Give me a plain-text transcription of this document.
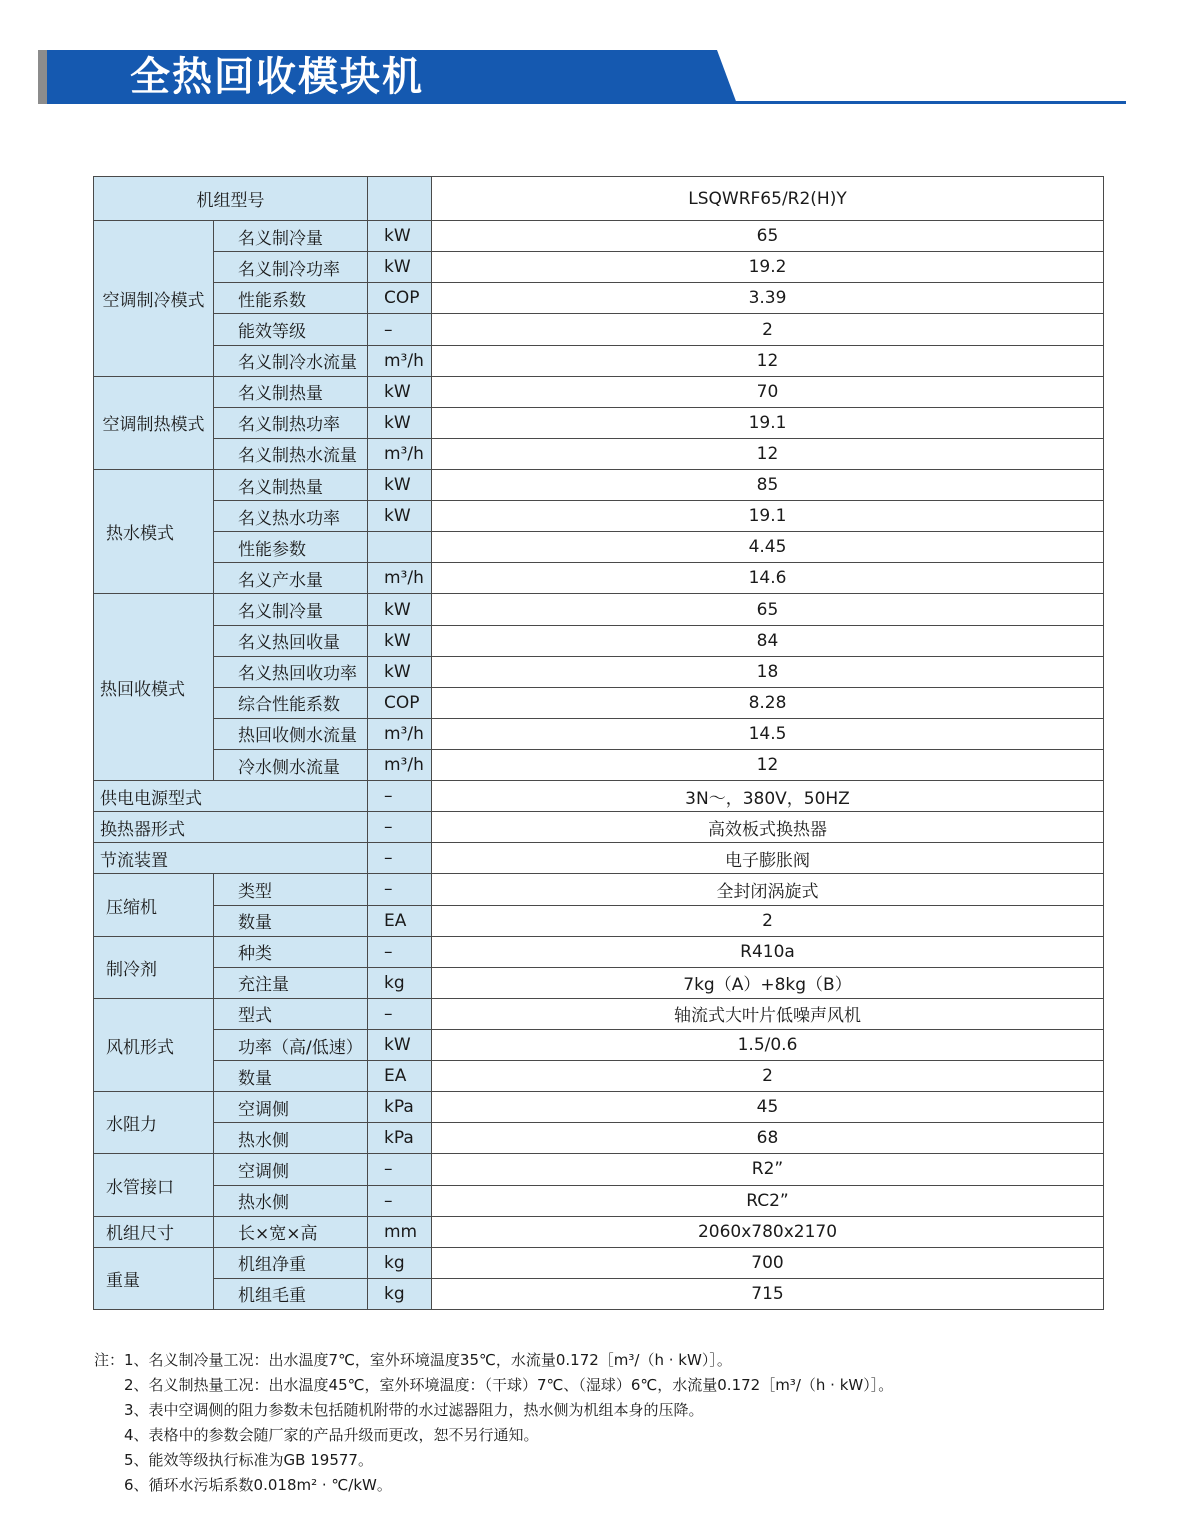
全热回收模块机
机组型号			LSQWRF65/R2(H)Y
空调制冷模式	名义制冷量	kW	65
	名义制冷功率	kW	19.2
	性能系数	COP	3.39
	能效等级	–	2
	名义制冷水流量	m³/h	12
空调制热模式	名义制热量	kW	70
	名义制热功率	kW	19.1
	名义制热水流量	m³/h	12
热水模式	名义制热量	kW	85
	名义热水功率	kW	19.1
	性能参数		4.45
	名义产水量	m³/h	14.6
热回收模式	名义制冷量	kW	65
	名义热回收量	kW	84
	名义热回收功率	kW	18
	综合性能系数	COP	8.28
	热回收侧水流量	m³/h	14.5
	冷水侧水流量	m³/h	12
供电电源型式		–	3N～，380V，50HZ
换热器形式		–	高效板式换热器
节流装置		–	电子膨胀阀
压缩机	类型	–	全封闭涡旋式
	数量	EA	2
制冷剂	种类	–	R410a
	充注量	kg	7kg（A）+8kg（B）
风机形式	型式	–	轴流式大叶片低噪声风机
	功率（高/低速）	kW	1.5/0.6
	数量	EA	2
水阻力	空调侧	kPa	45
	热水侧	kPa	68
水管接口	空调侧	–	R2”
	热水侧	–	RC2”
机组尺寸	长×宽×高	mm	2060x780x2170
重量	机组净重	kg	700
	机组毛重	kg	715
注： 1、名义制冷量工况：出水温度7℃，室外环境温度35℃，水流量0.172［m³/（h · kW）］。
2、名义制热量工况：出水温度45℃，室外环境温度：（干球）7℃、（湿球）6℃，水流量0.172［m³/（h · kW）］。
3、表中空调侧的阻力参数未包括随机附带的水过滤器阻力，热水侧为机组本身的压降。
4、表格中的参数会随厂家的产品升级而更改，恕不另行通知。
5、能效等级执行标准为GB 19577。
6、循环水污垢系数0.018m² · ℃/kW。
